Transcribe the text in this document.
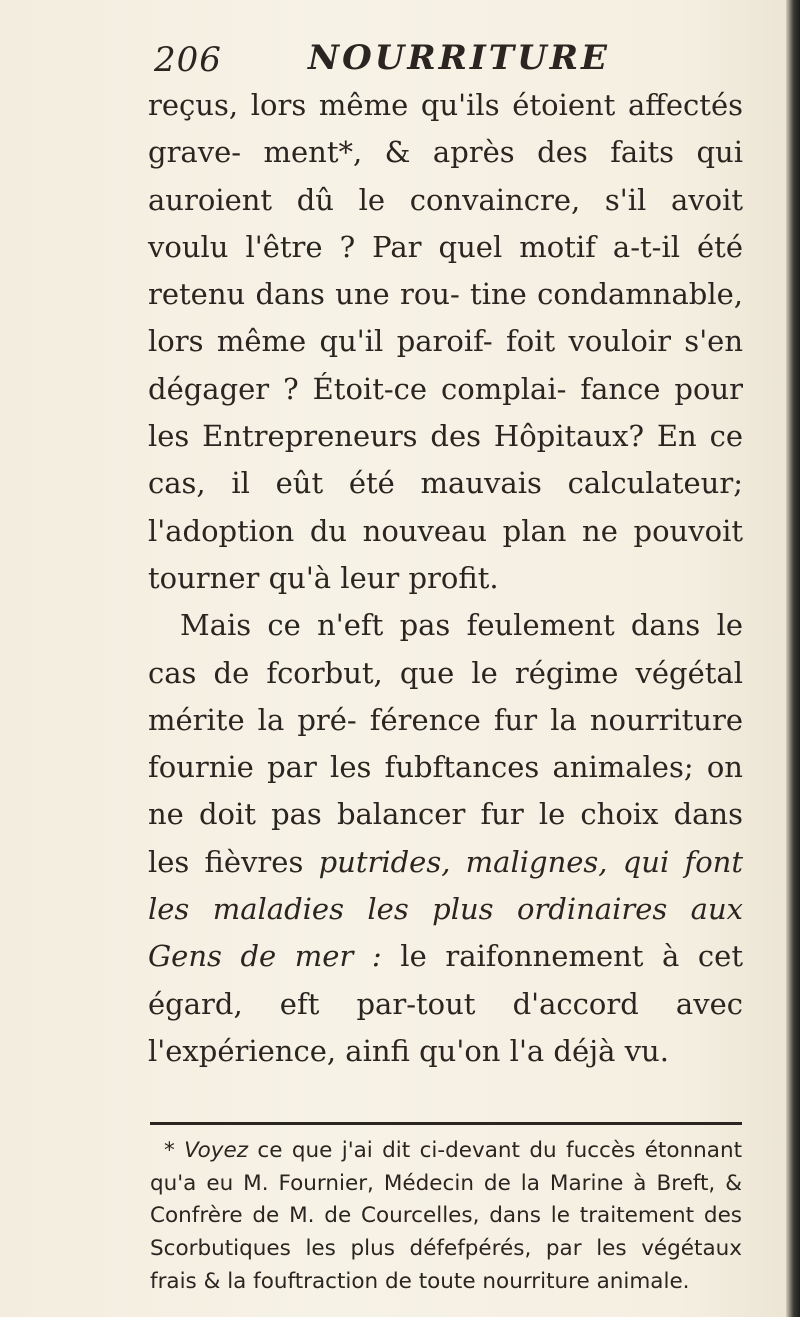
206	NOURRITURE

reçus, lors même qu'ils étoient affectés grave- ment*, & après des faits qui auroient dû le convaincre, s'il avoit voulu l'être ? Par quel motif a-t-il été retenu dans une rou- tine condamnable, lors même qu'il paroif- foit vouloir s'en dégager ? Étoit-ce complai- fance pour les Entrepreneurs des Hôpitaux? En ce cas, il eût été mauvais calculateur; l'adoption du nouveau plan ne pouvoit tourner qu'à leur profit.

Mais ce n'eft pas feulement dans le cas de fcorbut, que le régime végétal mérite la pré- férence fur la nourriture fournie par les fubftances animales; on ne doit pas balancer fur le choix dans les fièvres putrides, malignes, qui font les maladies les plus ordinaires aux Gens de mer : le raifonnement à cet égard, eft par-tout d'accord avec l'expérience, ainfi qu'on l'a déjà vu.

* Voyez ce que j'ai dit ci-devant du fuccès étonnant qu'a eu M. Fournier, Médecin de la Marine à Breft, & Confrère de M. de Courcelles, dans le traitement des Scorbutiques les plus défefpérés, par les végétaux frais & la fouftraction de toute nourriture animale.
